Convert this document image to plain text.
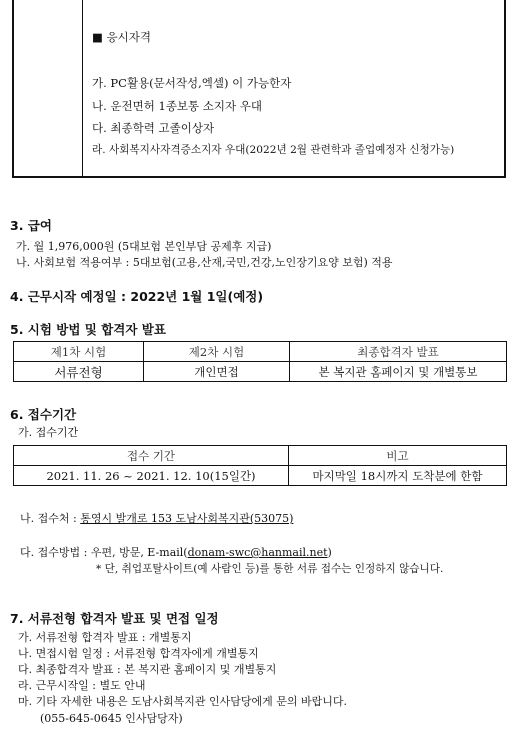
■ 응시자격
가. PC활용(문서작성,엑셀) 이 가능한자
나. 운전면허 1종보통 소지자 우대
다. 최종학력 고졸이상자
라. 사회복지사자격증소지자 우대(2022년 2월 관련학과 졸업예정자 신청가능)
3. 급여
가. 월 1,976,000원 (5대보험 본인부담 공제후 지급)
나. 사회보험 적용여부 : 5대보험(고용,산재,국민,건강,노인장기요양 보험) 적용
4. 근무시작 예정일 : 2022년 1월 1일(예정)
5. 시험 방법 및 합격자 발표
제1차 시험	제2차 시험	최종합격자 발표
서류전형	개인면접	본 복지관 홈페이지 및 개별통보
6. 접수기간
가. 접수기간
접수 기간	비고
2021. 11. 26 ~ 2021. 12. 10(15일간)	마지막일 18시까지 도착분에 한함
나. 접수처 : 통영시 발개로 153 도남사회복지관(53075)
다. 접수방법 : 우편, 방문, E-mail(donam-swc@hanmail.net)
* 단, 취업포탈사이트(예 사람인 등)를 통한 서류 접수는 인정하지 않습니다.
7. 서류전형 합격자 발표 및 면접 일정
가. 서류전형 합격자 발표 : 개별통지
나. 면접시험 일정 : 서류전형 합격자에게 개별통지
다. 최종합격자 발표 : 본 복지관 홈페이지 및 개별통지
라. 근무시작일 : 별도 안내
마. 기타 자세한 내용은 도남사회복지관 인사담당에게 문의 바랍니다.
(055-645-0645 인사담당자)
